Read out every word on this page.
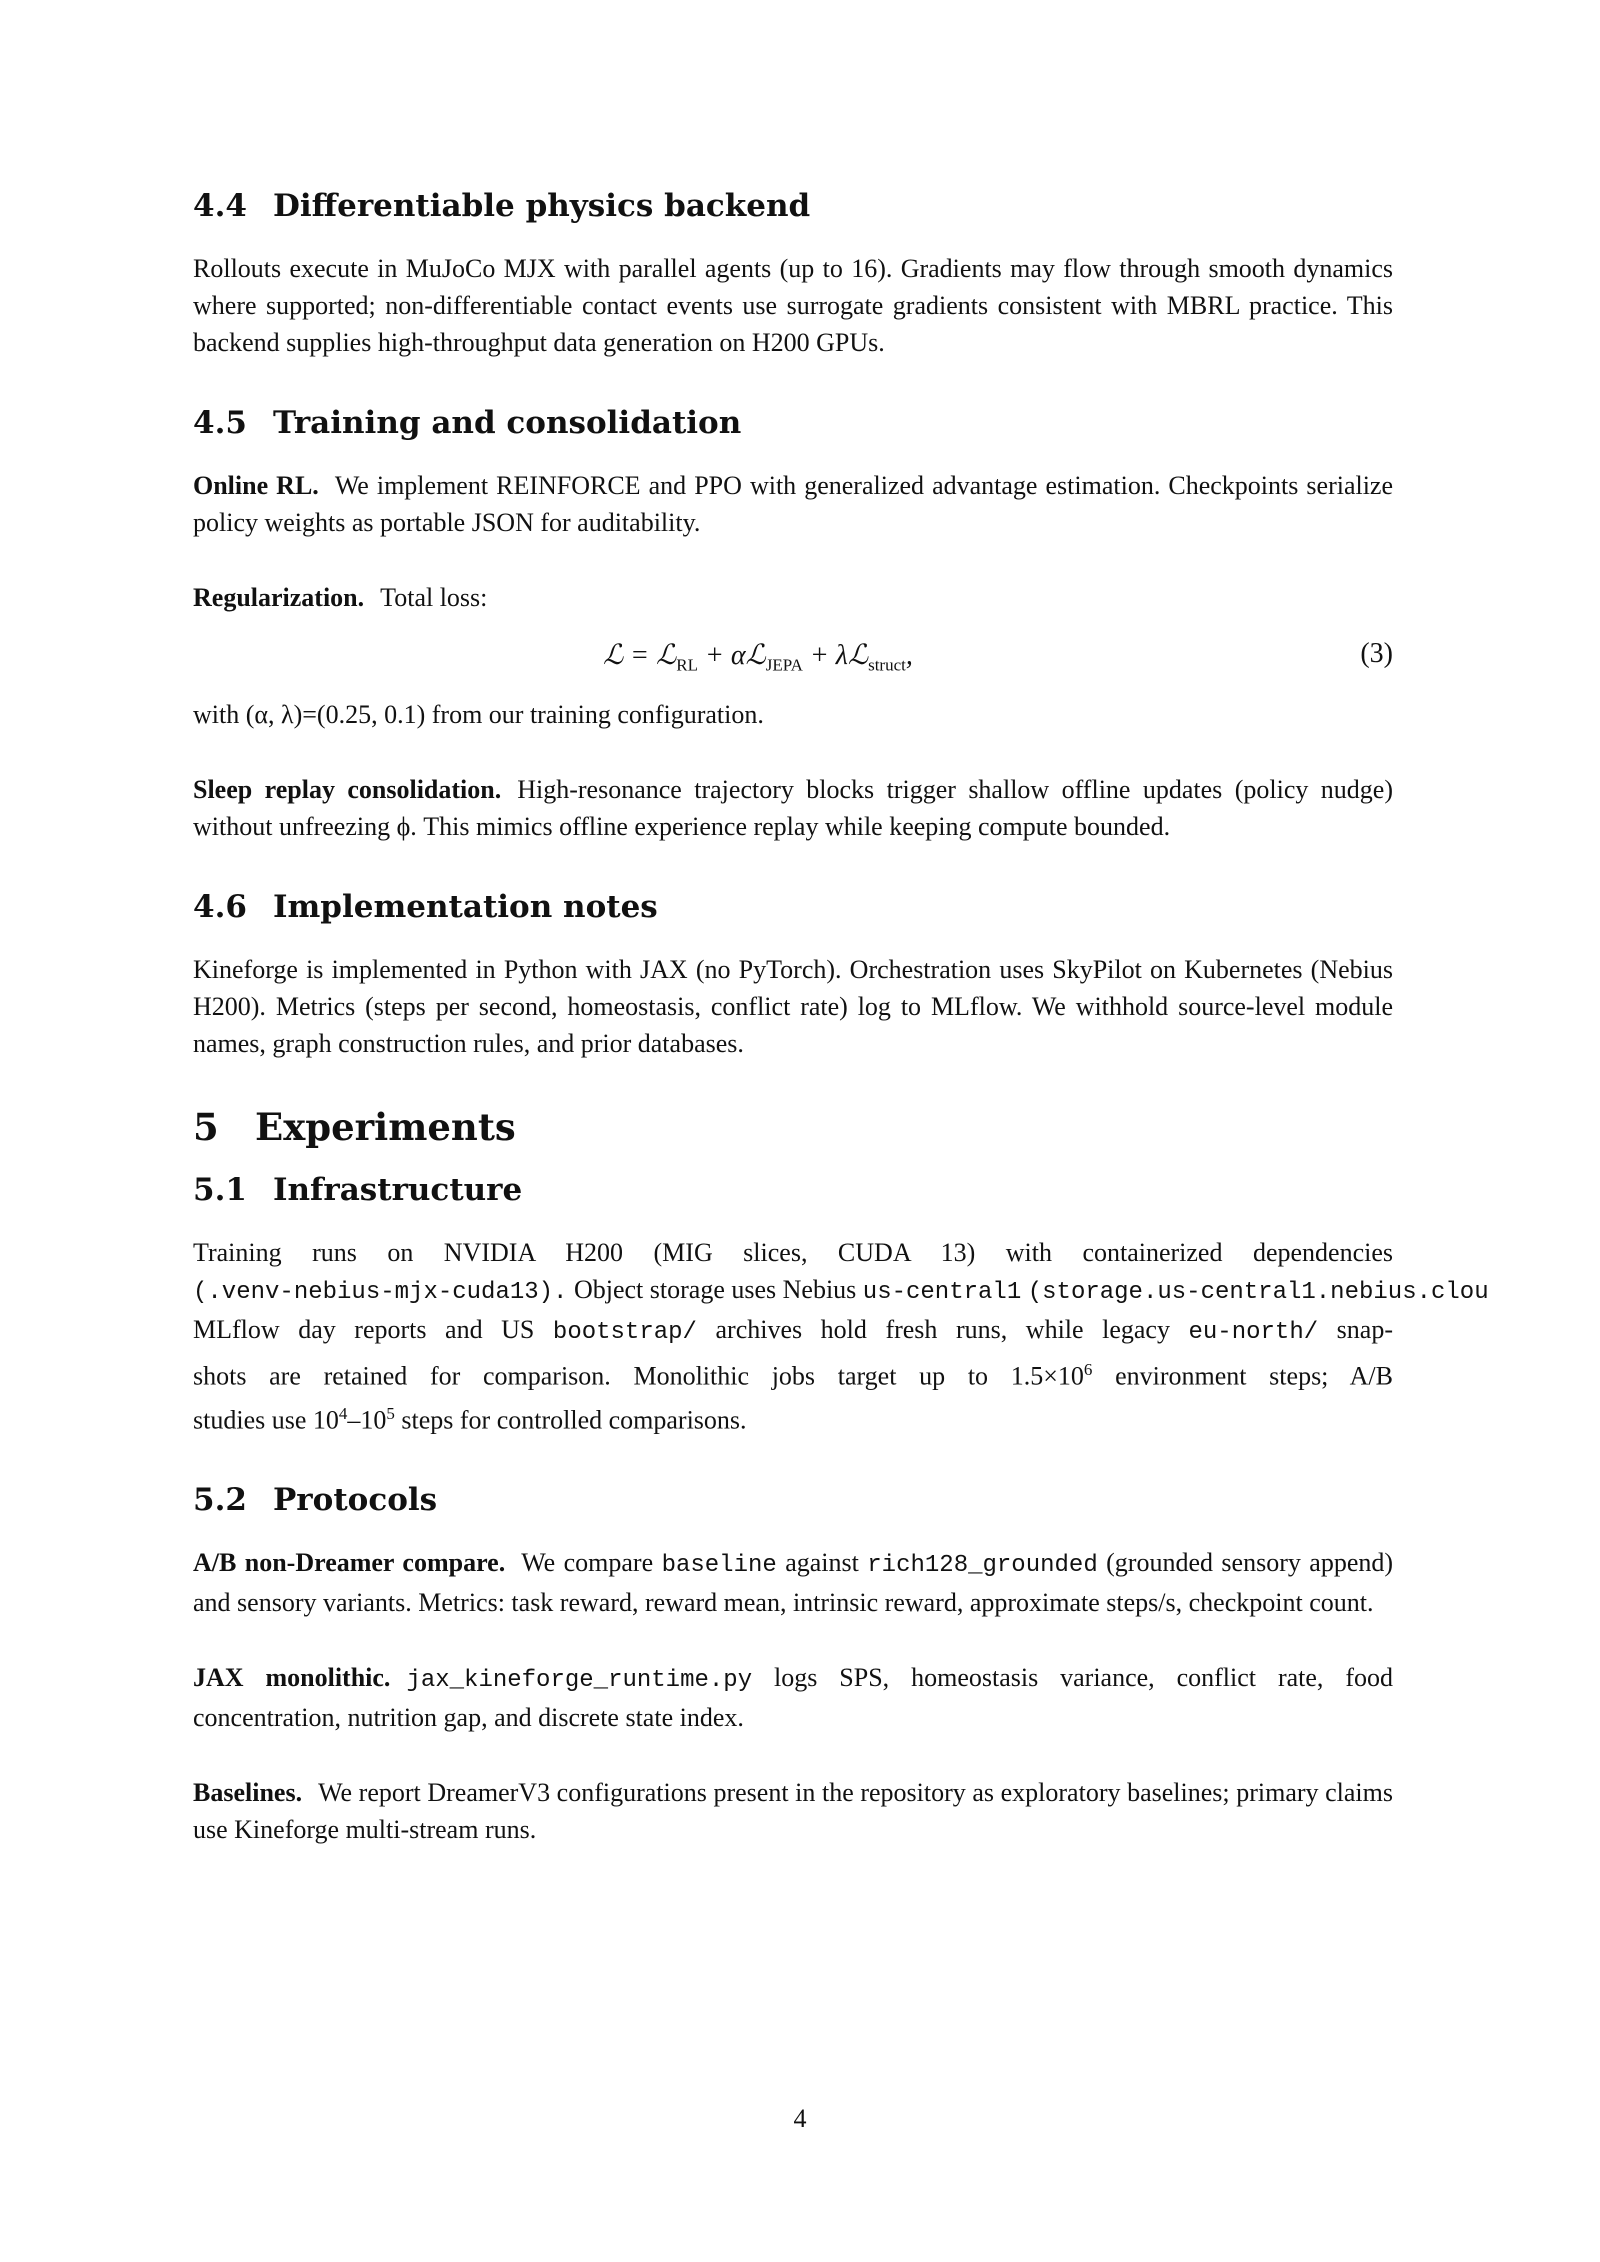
4.4 Differentiable physics backend

Rollouts execute in MuJoCo MJX with parallel agents (up to 16). Gradients may flow through smooth dynamics where supported; non-differentiable contact events use surrogate gradients consistent with MBRL practice. This backend supplies high-throughput data generation on H200 GPUs.

4.5 Training and consolidation

Online RL. We implement REINFORCE and PPO with generalized advantage estimation. Checkpoints serialize policy weights as portable JSON for auditability.

Regularization. Total loss:

ℒ = ℒ$_{RL}$ + αℒ$_{JEPA}$ + λℒ$_{struct}$,	(3)

with (α, λ)=(0.25, 0.1) from our training configuration.

Sleep replay consolidation. High-resonance trajectory blocks trigger shallow offline updates (policy nudge) without unfreezing ϕ. This mimics offline experience replay while keeping compute bounded.

4.6 Implementation notes

Kineforge is implemented in Python with JAX (no PyTorch). Orchestration uses SkyPilot on Kubernetes (Nebius H200). Metrics (steps per second, homeostasis, conflict rate) log to MLflow. We withhold source-level module names, graph construction rules, and prior databases.

5 Experiments
5.1 Infrastructure

Training runs on NVIDIA H200 (MIG slices, CUDA 13) with containerized dependencies
(.venv-nebius-mjx-cuda13). Object storage uses Nebius us-central1 (storage.us-central1.nebius.clou
MLflow day reports and US bootstrap/ archives hold fresh runs, while legacy eu-north/ snap-
shots are retained for comparison. Monolithic jobs target up to $1.5\times 10^6$ environment steps; A/B
studies use $10^4-10^5$ steps for controlled comparisons.

5.2 Protocols

A/B non-Dreamer compare. We compare baseline against rich128_grounded (grounded sensory append) and sensory variants. Metrics: task reward, reward mean, intrinsic reward, approximate steps/s, checkpoint count.

JAX monolithic. jax_kineforge_runtime.py logs SPS, homeostasis variance, conflict rate, food concentration, nutrition gap, and discrete state index.

Baselines. We report DreamerV3 configurations present in the repository as exploratory baselines; primary claims use Kineforge multi-stream runs.

4
